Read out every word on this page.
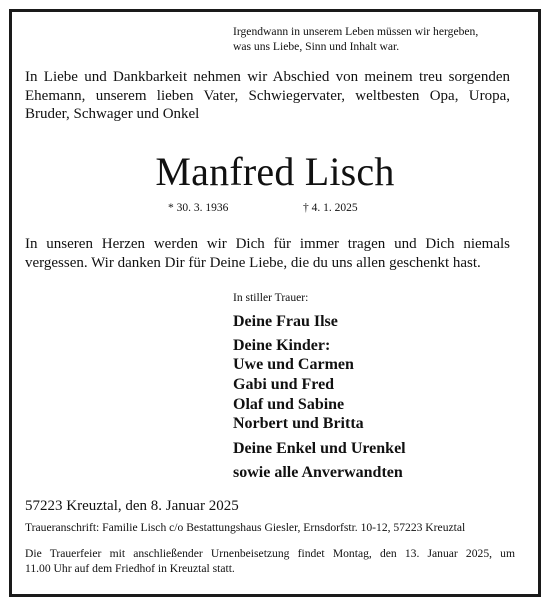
Irgendwann in unserem Leben müssen wir hergeben,
was uns Liebe, Sinn und Inhalt war.
In Liebe und Dankbarkeit nehmen wir Abschied von meinem treu sorgenden
Ehemann, unserem lieben Vater, Schwiegervater, weltbesten Opa, Uropa,
Bruder, Schwager und Onkel
Manfred Lisch
* 30. 3. 1936	† 4. 1. 2025
In unseren Herzen werden wir Dich für immer tragen und Dich niemals
vergessen. Wir danken Dir für Deine Liebe, die du uns allen geschenkt hast.
In stiller Trauer:
Deine Frau Ilse
Deine Kinder:
Uwe und Carmen
Gabi und Fred
Olaf und Sabine
Norbert und Britta
Deine Enkel und Urenkel
sowie alle Anverwandten
57223 Kreuztal, den 8. Januar 2025
Traueranschrift: Familie Lisch c/o Bestattungshaus Giesler, Ernsdorfstr. 10-12, 57223 Kreuztal
Die Trauerfeier mit anschließender Urnenbeisetzung findet Montag, den 13. Januar 2025, um
11.00 Uhr auf dem Friedhof in Kreuztal statt.
